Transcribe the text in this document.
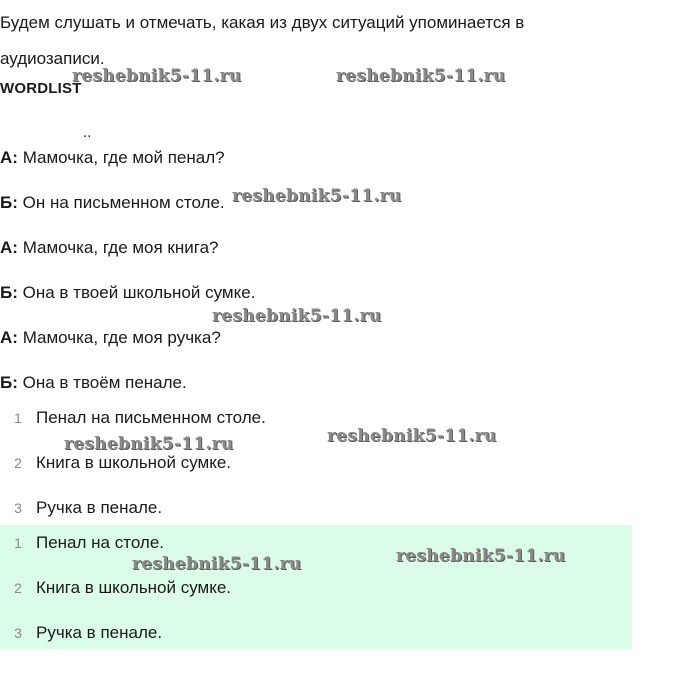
Будем слушать и отмечать, какая из двух ситуаций упоминается в аудиозаписи.
WORDLIST
..
А: Мамочка, где мой пенал?
Б: Он на письменном столе.
А: Мамочка, где моя книга?
Б: Она в твоей школьной сумке.
А: Мамочка, где моя ручка?
Б: Она в твоём пенале.
1 Пенал на письменном столе.
2 Книга в школьной сумке.
3 Ручка в пенале.
1 Пенал на столе.
2 Книга в школьной сумке.
3 Ручка в пенале.
reshebnik5-11.ru	reshebnik5-11.ru
reshebnik5-11.ru
reshebnik5-11.ru
reshebnik5-11.ru
reshebnik5-11.ru
reshebnik5-11.ru
reshebnik5-11.ru
